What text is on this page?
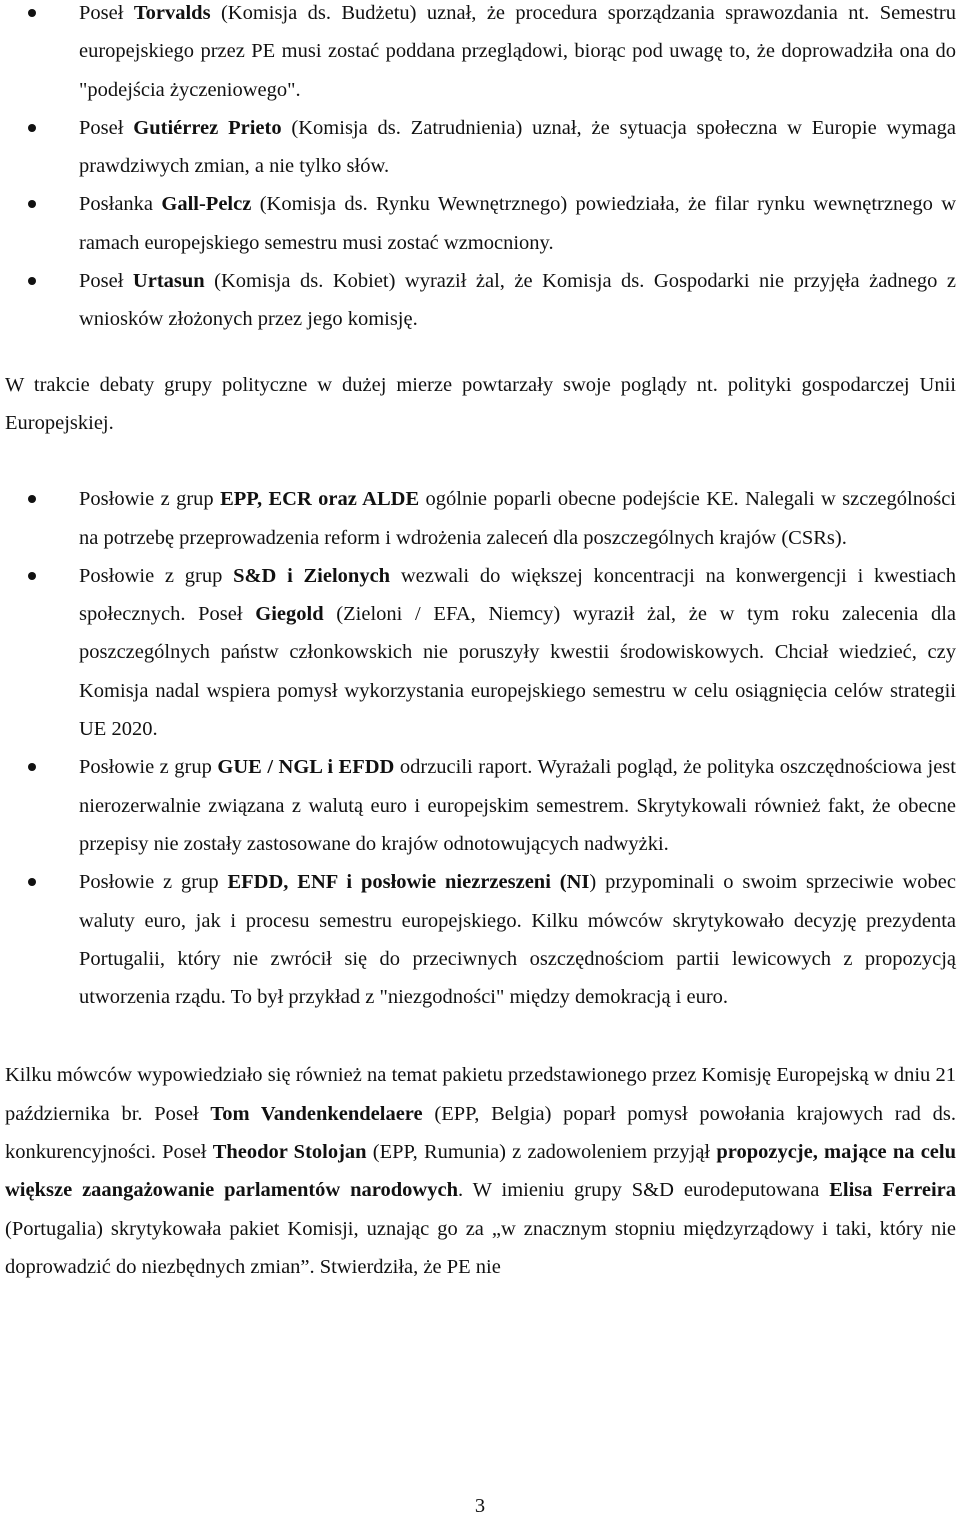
Poseł Torvalds (Komisja ds. Budżetu) uznał, że procedura sporządzania sprawozdania nt. Semestru europejskiego przez PE musi zostać poddana przeglądowi, biorąc pod uwagę to, że doprowadziła ona do "podejścia życzeniowego".

Poseł Gutiérrez Prieto (Komisja ds. Zatrudnienia) uznał, że sytuacja społeczna w Europie wymaga prawdziwych zmian, a nie tylko słów.

Posłanka Gall-Pelcz (Komisja ds. Rynku Wewnętrznego) powiedziała, że filar rynku wewnętrznego w ramach europejskiego semestru musi zostać wzmocniony.

Poseł Urtasun (Komisja ds. Kobiet) wyraził żal, że Komisja ds. Gospodarki nie przyjęła żadnego z wniosków złożonych przez jego komisję.

W trakcie debaty grupy polityczne w dużej mierze powtarzały swoje poglądy nt. polityki gospodarczej Unii Europejskiej.

Posłowie z grup EPP, ECR oraz ALDE ogólnie poparli obecne podejście KE. Nalegali w szczególności na potrzebę przeprowadzenia reform i wdrożenia zaleceń dla poszczególnych krajów (CSRs).

Posłowie z grup S&D i Zielonych wezwali do większej koncentracji na konwergencji i kwestiach społecznych. Poseł Giegold (Zieloni / EFA, Niemcy) wyraził żal, że w tym roku zalecenia dla poszczególnych państw członkowskich nie poruszyły kwestii środowiskowych. Chciał wiedzieć, czy Komisja nadal wspiera pomysł wykorzystania europejskiego semestru w celu osiągnięcia celów strategii UE 2020.

Posłowie z grup GUE / NGL i EFDD odrzucili raport. Wyrażali pogląd, że polityka oszczędnościowa jest nierozerwalnie związana z walutą euro i europejskim semestrem. Skrytykowali również fakt, że obecne przepisy nie zostały zastosowane do krajów odnotowujących nadwyżki.

Posłowie z grup EFDD, ENF i posłowie niezrzeszeni (NI) przypominali o swoim sprzeciwie wobec waluty euro, jak i procesu semestru europejskiego. Kilku mówców skrytykowało decyzję prezydenta Portugalii, który nie zwrócił się do przeciwnych oszczędnościom partii lewicowych z propozycją utworzenia rządu. To był przykład z "niezgodności" między demokracją i euro.

Kilku mówców wypowiedziało się również na temat pakietu przedstawionego przez Komisję Europejską w dniu 21 października br. Poseł Tom Vandenkendelaere (EPP, Belgia) poparł pomysł powołania krajowych rad ds. konkurencyjności. Poseł Theodor Stolojan (EPP, Rumunia) z zadowoleniem przyjął propozycje, mające na celu większe zaangażowanie parlamentów narodowych. W imieniu grupy S&D eurodeputowana Elisa Ferreira (Portugalia) skrytykowała pakiet Komisji, uznając go za „w znacznym stopniu międzyrządowy i taki, który nie doprowadzić do niezbędnych zmian”. Stwierdziła, że PE nie

3
